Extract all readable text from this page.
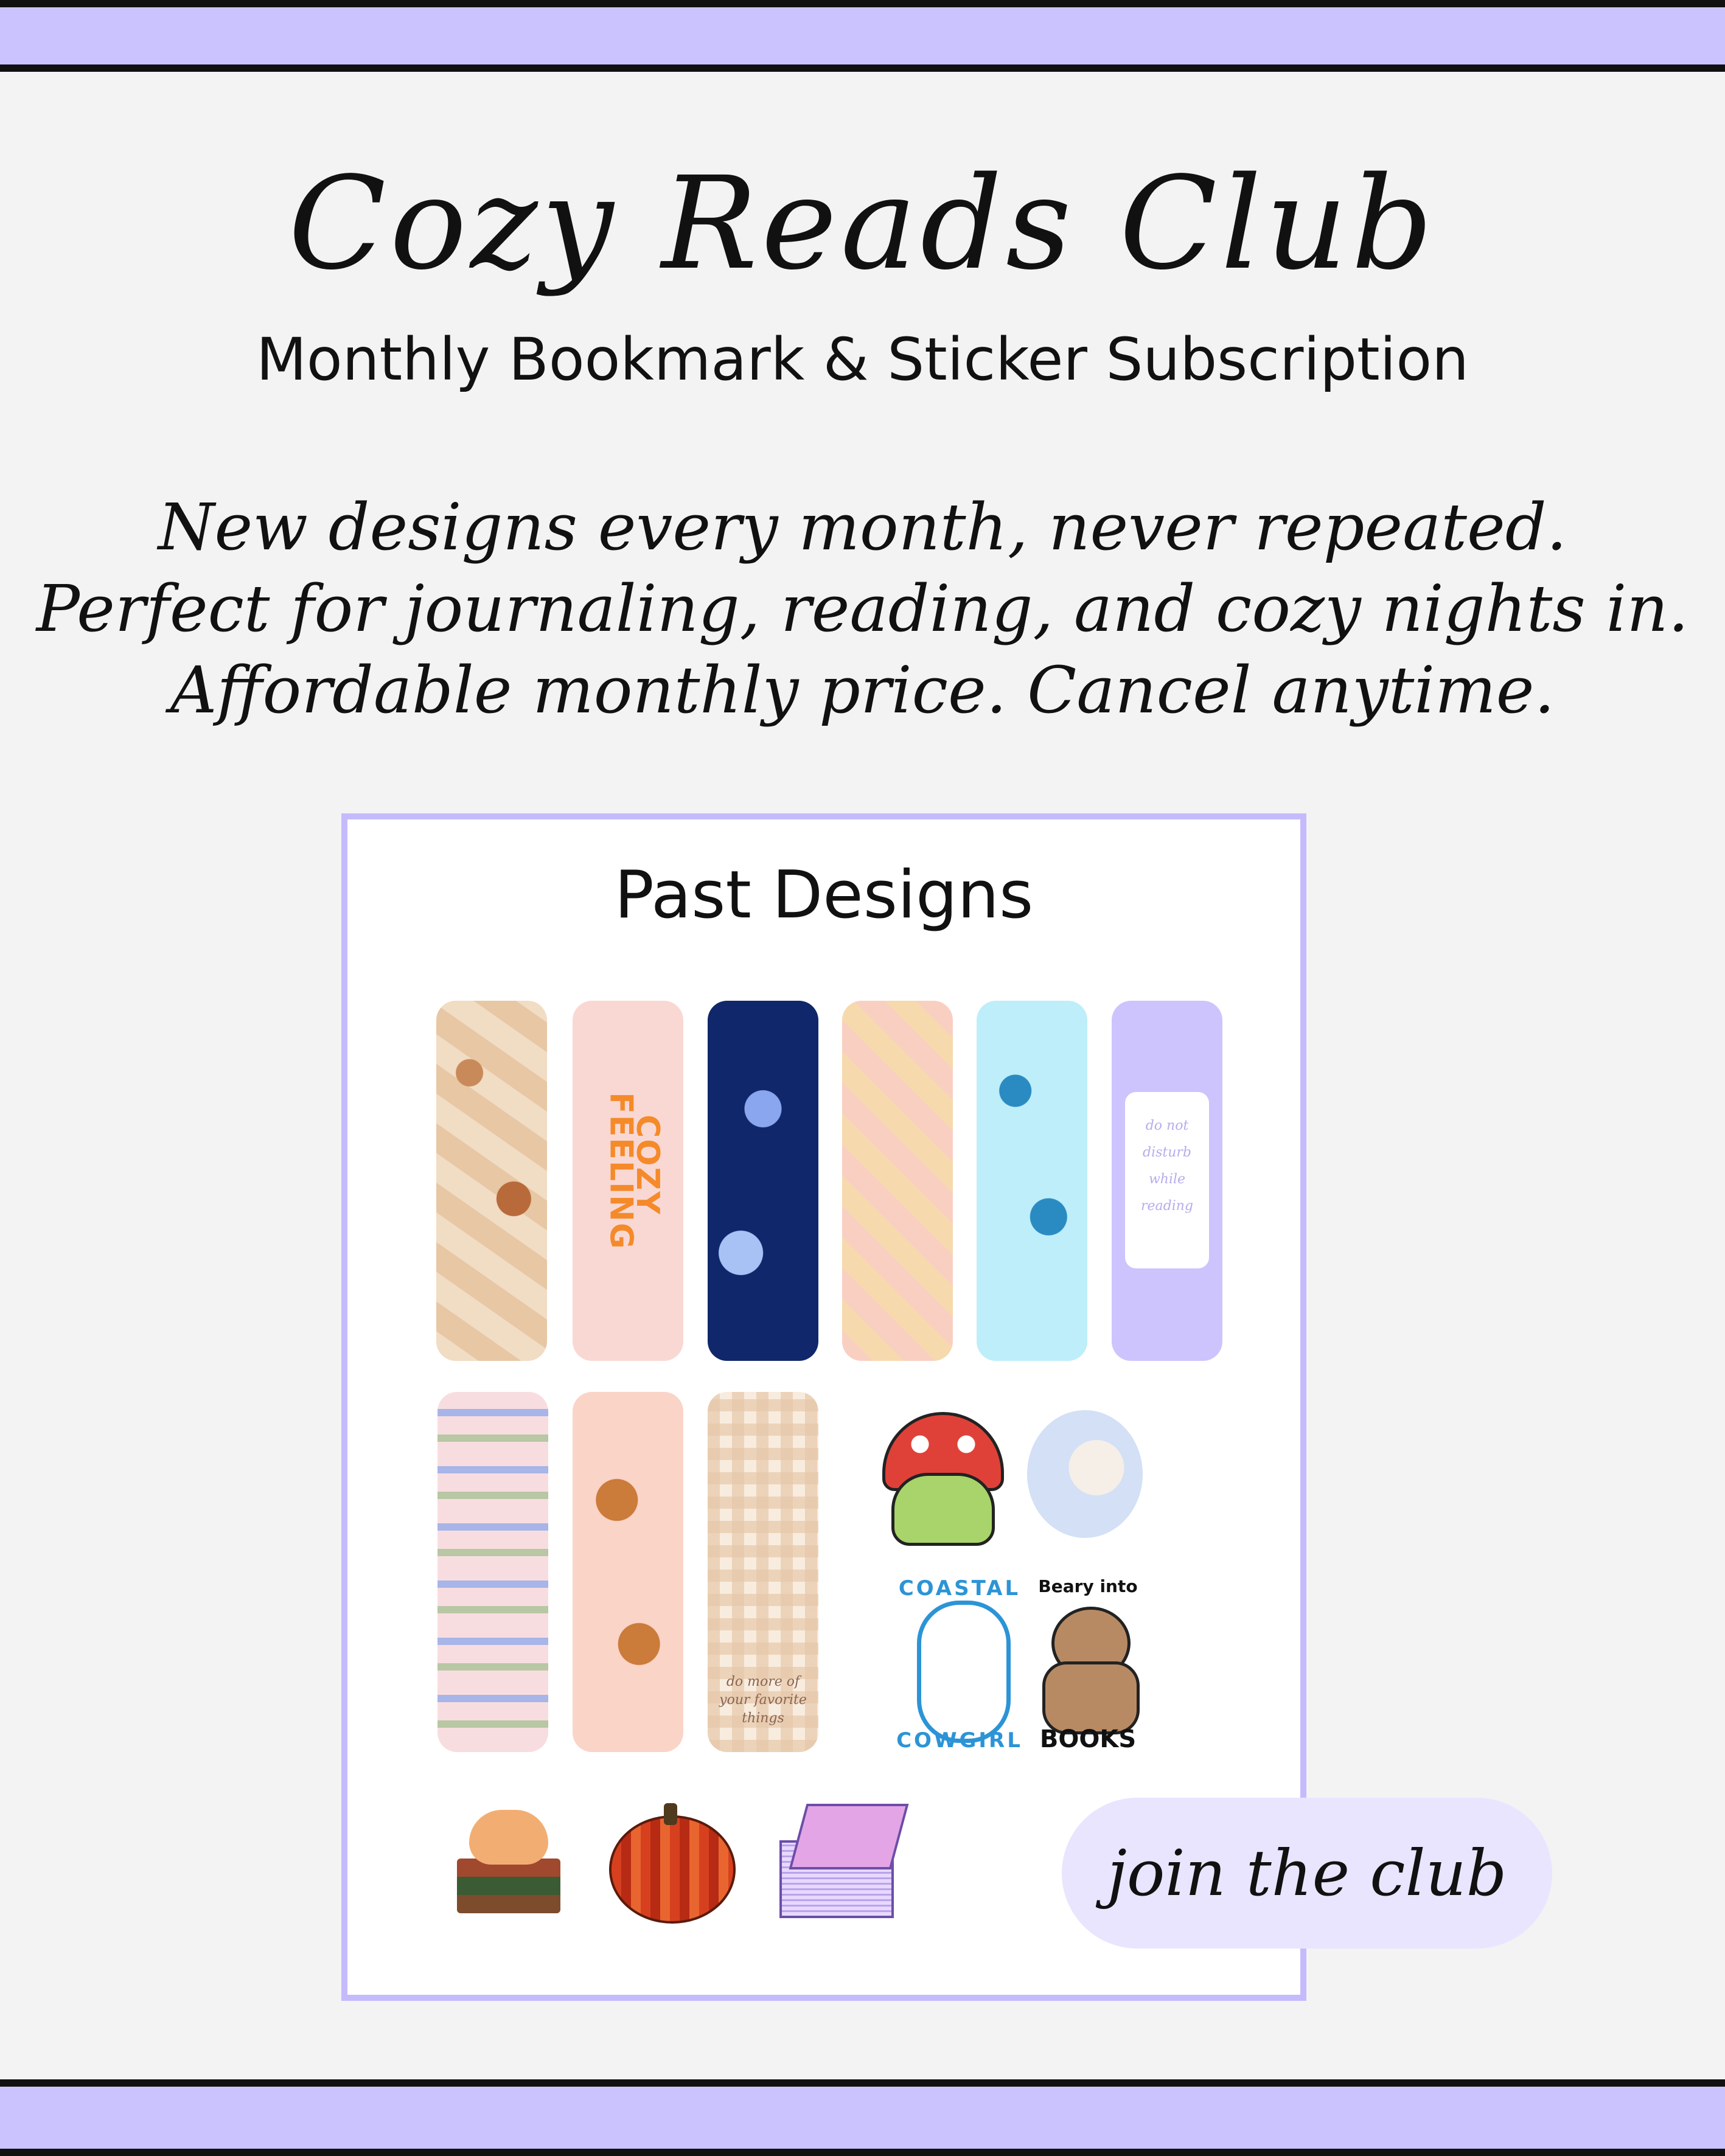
Cozy Reads Club
Monthly Bookmark & Sticker Subscription
New designs every month, never repeated.
Perfect for journaling, reading, and cozy nights in.
Affordable monthly price. Cancel anytime.
Past Designs
FEELING
COZY	do not
disturb
while
reading
do more of
your favorite
things
COASTAL
COWGIRL
Beary into
BOOKS
join the club
